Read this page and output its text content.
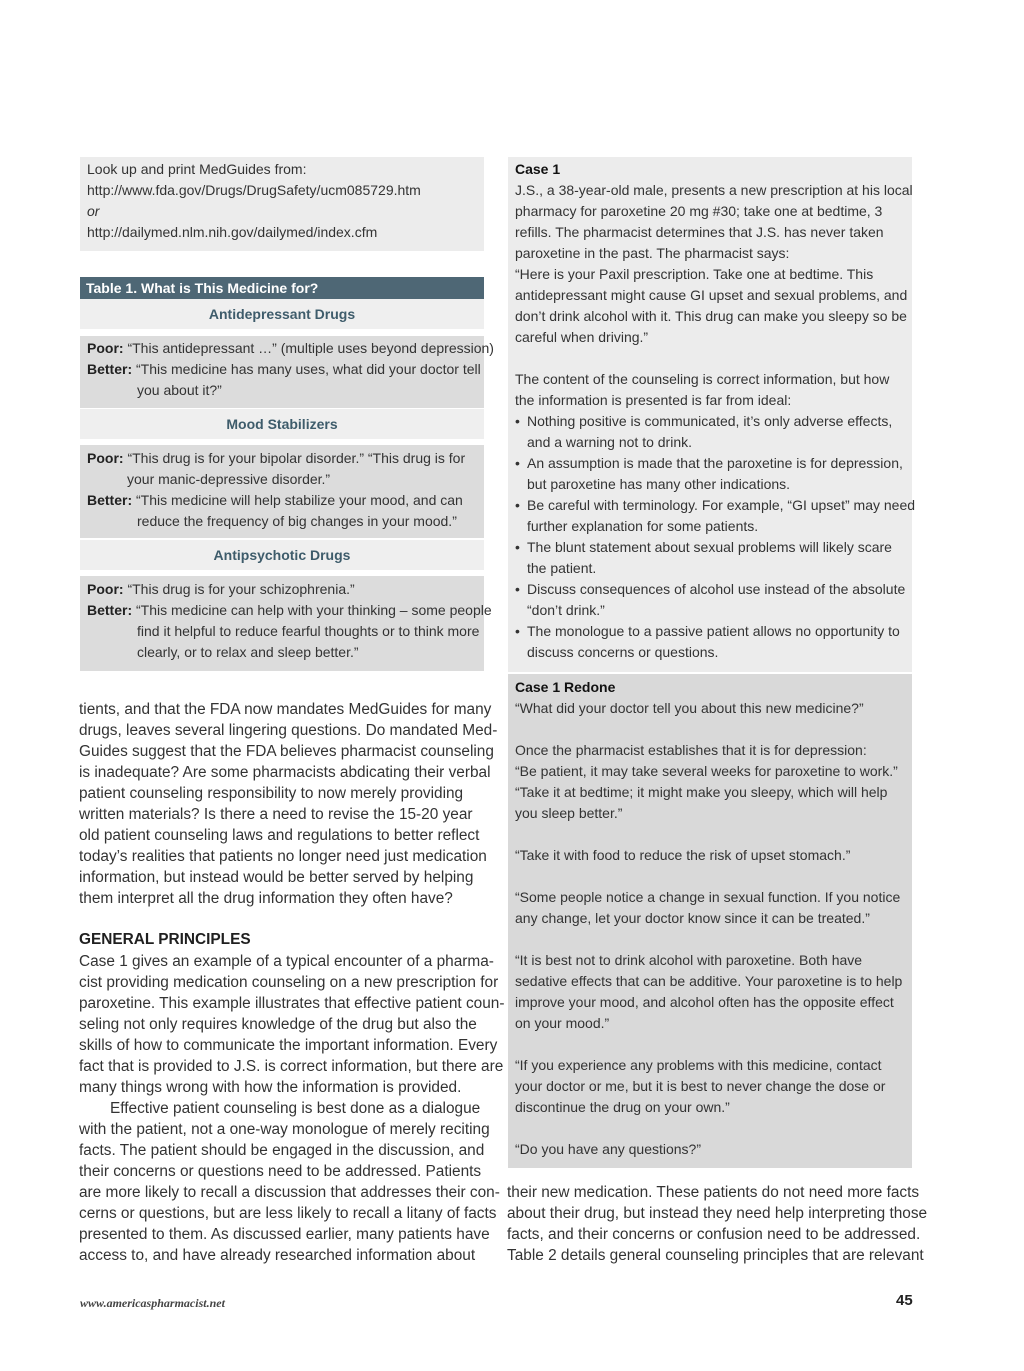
Look up and print MedGuides from:
http://www.fda.gov/Drugs/DrugSafety/ucm085729.htm
or
http://dailymed.nlm.nih.gov/dailymed/index.cfm
Table 1. What is This Medicine for?
Antidepressant Drugs
Poor: “This antidepressant …” (multiple uses beyond depression)
Better: “This medicine has many uses, what did your doctor tell
you about it?”
Mood Stabilizers
Poor: “This drug is for your bipolar disorder.” “This drug is for
your manic-depressive disorder.”
Better: “This medicine will help stabilize your mood, and can
reduce the frequency of big changes in your mood.”
Antipsychotic Drugs
Poor: “This drug is for your schizophrenia.”
Better: “This medicine can help with your thinking – some people
find it helpful to reduce fearful thoughts or to think more
clearly, or to relax and sleep better.”
tients, and that the FDA now mandates MedGuides for many
drugs, leaves several lingering questions. Do mandated Med-
Guides suggest that the FDA believes pharmacist counseling
is inadequate? Are some pharmacists abdicating their verbal
patient counseling responsibility to now merely providing
written materials? Is there a need to revise the 15-20 year
old patient counseling laws and regulations to better reflect
today’s realities that patients no longer need just medication
information, but instead would be better served by helping
them interpret all the drug information they often have?
GENERAL PRINCIPLES
Case 1 gives an example of a typical encounter of a pharma-
cist providing medication counseling on a new prescription for
paroxetine. This example illustrates that effective patient coun-
seling not only requires knowledge of the drug but also the
skills of how to communicate the important information. Every
fact that is provided to J.S. is correct information, but there are
many things wrong with how the information is provided.
Effective patient counseling is best done as a dialogue
with the patient, not a one-way monologue of merely reciting
facts. The patient should be engaged in the discussion, and
their concerns or questions need to be addressed. Patients
are more likely to recall a discussion that addresses their con-
cerns or questions, but are less likely to recall a litany of facts
presented to them. As discussed earlier, many patients have
access to, and have already researched information about
Case 1
J.S., a 38-year-old male, presents a new prescription at his local
pharmacy for paroxetine 20 mg #30; take one at bedtime, 3
refills. The pharmacist determines that J.S. has never taken
paroxetine in the past. The pharmacist says:
“Here is your Paxil prescription. Take one at bedtime. This
antidepressant might cause GI upset and sexual problems, and
don’t drink alcohol with it. This drug can make you sleepy so be
careful when driving.”
The content of the counseling is correct information, but how
the information is presented is far from ideal:
• Nothing positive is communicated, it’s only adverse effects,
and a warning not to drink.
• An assumption is made that the paroxetine is for depression,
but paroxetine has many other indications.
• Be careful with terminology. For example, “GI upset” may need
further explanation for some patients.
• The blunt statement about sexual problems will likely scare
the patient.
• Discuss consequences of alcohol use instead of the absolute
“don’t drink.”
• The monologue to a passive patient allows no opportunity to
discuss concerns or questions.
Case 1 Redone
“What did your doctor tell you about this new medicine?”
Once the pharmacist establishes that it is for depression:
“Be patient, it may take several weeks for paroxetine to work.”
“Take it at bedtime; it might make you sleepy, which will help
you sleep better.”
“Take it with food to reduce the risk of upset stomach.”
“Some people notice a change in sexual function. If you notice
any change, let your doctor know since it can be treated.”
“It is best not to drink alcohol with paroxetine. Both have
sedative effects that can be additive. Your paroxetine is to help
improve your mood, and alcohol often has the opposite effect
on your mood.”
“If you experience any problems with this medicine, contact
your doctor or me, but it is best to never change the dose or
discontinue the drug on your own.”
“Do you have any questions?”
their new medication. These patients do not need more facts
about their drug, but instead they need help interpreting those
facts, and their concerns or confusion need to be addressed.
Table 2 details general counseling principles that are relevant
www.americaspharmacist.net	45
